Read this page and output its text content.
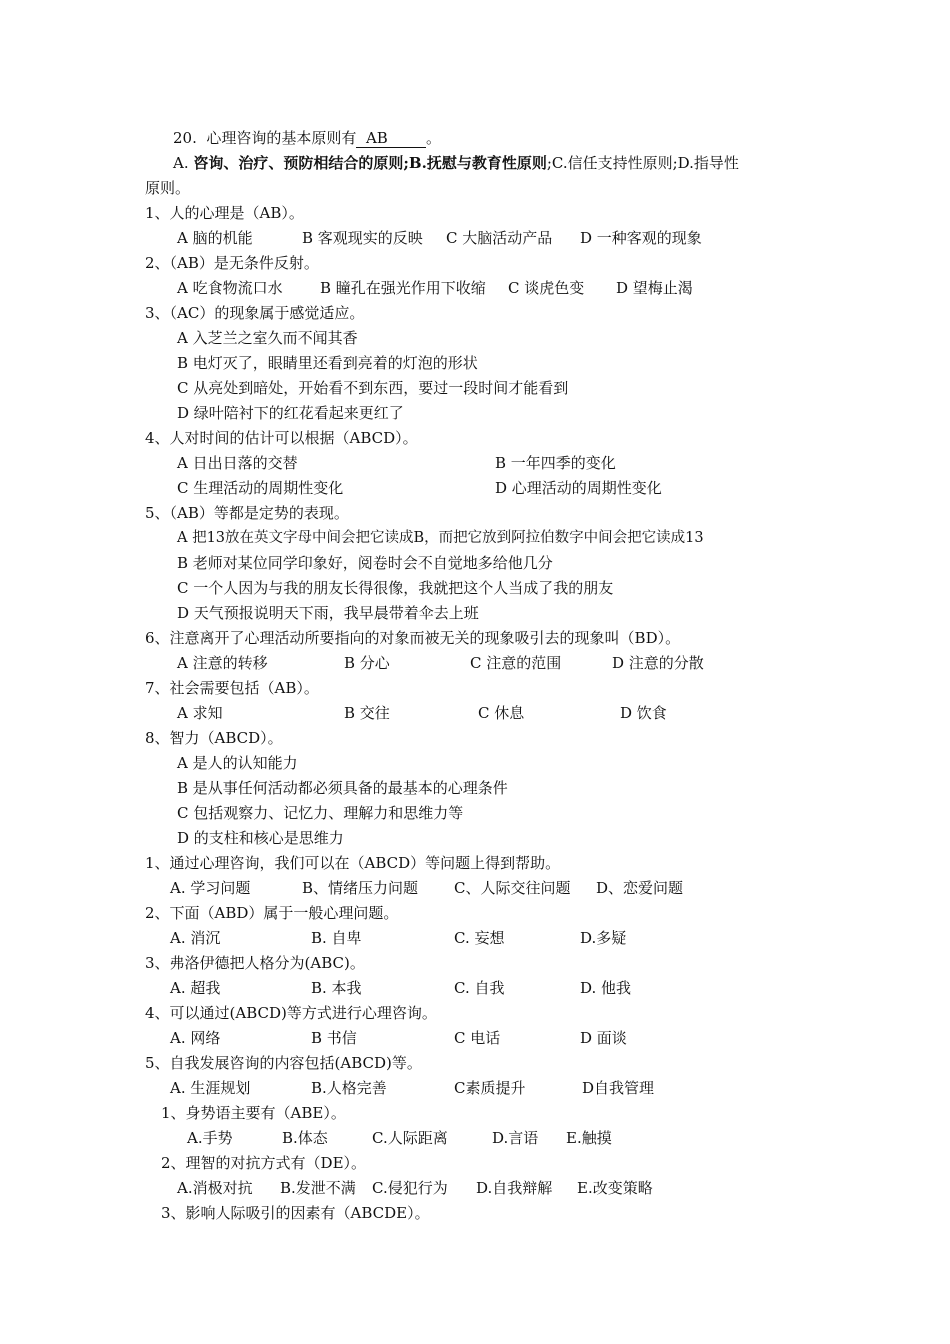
20.  心理咨询的基本原则有  AB        。
A. 咨询、治疗、预防相结合的原则;B.抚慰与教育性原则;C.信任支持性原则;D.指导性
原则。
1、人的心理是（AB）。
A 脑的机能	B 客观现实的反映 C 大脑活动产品 D 一种客观的现象
2、（AB）是无条件反射。
A 吃食物流口水 B 瞳孔在强光作用下收缩 C 谈虎色变 D 望梅止渴
3、（AC）的现象属于感觉适应。
A 入芝兰之室久而不闻其香
B 电灯灭了，眼睛里还看到亮着的灯泡的形状
C 从亮处到暗处，开始看不到东西，要过一段时间才能看到
D 绿叶陪衬下的红花看起来更红了
4、人对时间的估计可以根据（ABCD）。
A 日出日落的交替	B 一年四季的变化
C 生理活动的周期性变化	D 心理活动的周期性变化
5、（AB）等都是定势的表现。
A 把13放在英文字母中间会把它读成B，而把它放到阿拉伯数字中间会把它读成13
B 老师对某位同学印象好，阅卷时会不自觉地多给他几分
C 一个人因为与我的朋友长得很像，我就把这个人当成了我的朋友
D 天气预报说明天下雨，我早晨带着伞去上班
6、注意离开了心理活动所要指向的对象而被无关的现象吸引去的现象叫（BD）。
A 注意的转移	B 分心	C 注意的范围	D 注意的分散
7、社会需要包括（AB）。
A 求知	B 交往	C 休息	D 饮食
8、智力（ABCD）。
A 是人的认知能力
B 是从事任何活动都必须具备的最基本的心理条件
C 包括观察力、记忆力、理解力和思维力等
D 的支柱和核心是思维力
1、通过心理咨询，我们可以在（ABCD）等问题上得到帮助。
A. 学习问题	B、情绪压力问题 C、人际交往问题 D、恋爱问题
2、下面（ABD）属于一般心理问题。
A. 消沉	B. 自卑	C. 妄想	D.多疑
3、弗洛伊德把人格分为(ABC)。
A. 超我	B. 本我	C. 自我	D. 他我
4、可以通过(ABCD)等方式进行心理咨询。
A. 网络	B 书信	C 电话	D 面谈
5、自我发展咨询的内容包括(ABCD)等。
A. 生涯规划	B.人格完善	C素质提升	D自我管理
1、身势语主要有（ABE）。
A.手势	B.体态	C.人际距离	D.言语 E.触摸
2、理智的对抗方式有（DE）。
A.消极对抗 B.发泄不满 C.侵犯行为 D.自我辩解 E.改变策略
3、影响人际吸引的因素有（ABCDE）。
